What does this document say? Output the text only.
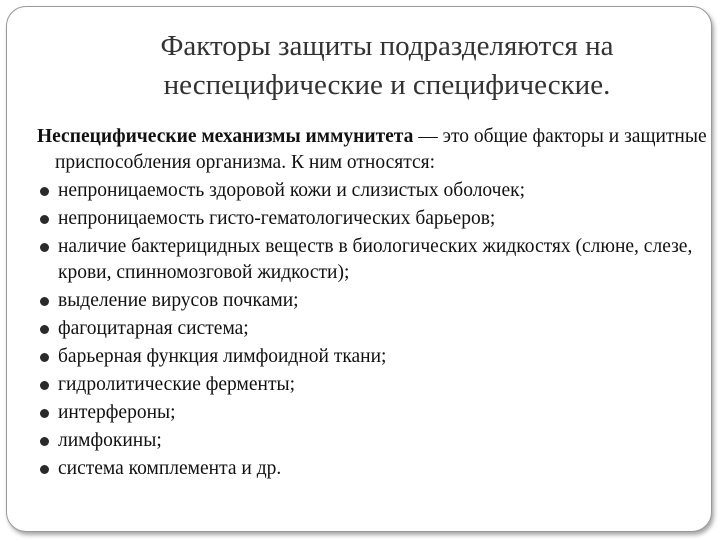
Факторы защиты подразделяются на
неспецифические и специфические.

Неспецифические механизмы иммунитета — это общие факторы и защитные приспособления организма. К ним относятся:

непроницаемость здоровой кожи и слизистых оболочек;
непроницаемость гисто-гематологических барьеров;
наличие бактерицидных веществ в биологических жидкостях (слюне, слезе, крови, спинномозговой жидкости);
выделение вирусов почками;
фагоцитарная система;
барьерная функция лимфоидной ткани;
гидролитические ферменты;
интерфероны;
лимфокины;
система комплемента и др.
